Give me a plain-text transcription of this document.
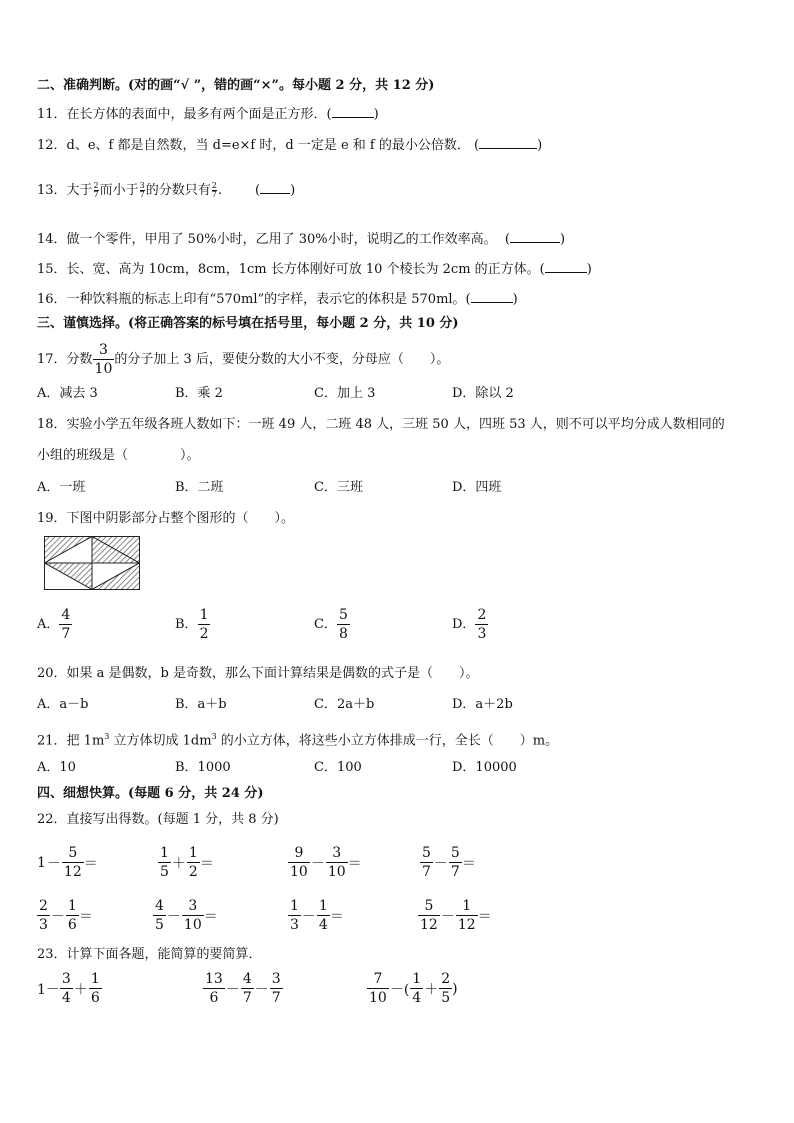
二、准确判断。(对的画“√ ”，错的画“×”。每小题 2 分，共 12 分)
11．在长方体的表面中，最多有两个面是正方形．(	)
12．d、e、f 都是自然数，当 d=e×f 时，d 一定是 e 和 f 的最小公倍数． (	)
13．大于 $\frac{2}{7}$ 而小于 $\frac{3}{7}$ 的分数只有 $\frac{2}{7}$ .        ( )
14．做一个零件，甲用了 50%小时，乙用了 30%小时，说明乙的工作效率高。  (	)
15．长、宽、高为 10cm，8cm，1cm 长方体刚好可放 10 个棱长为 2cm 的正方体。(	)
16．一种饮料瓶的标志上印有“570ml”的字样，表示它的体积是 570ml。(	)
三、谨慎选择。(将正确答案的标号填在括号里，每小题 2 分，共 10 分)
17．分数 $\frac{3}{10}$ 的分子加上 3 后，要使分数的大小不变，分母应（　　）。
A．减去 3	B．乘 2	C．加上 3	D．除以 2
18．实验小学五年级各班人数如下：一班 49 人，二班 48 人，三班 50 人，四班 53 人，则不可以平均分成人数相同的
小组的班级是（　　　　）。
A．一班	B．二班	C．三班	D．四班
19．下图中阴影部分占整个图形的（　　）。
A． $\frac{4}{7}$	B． $\frac{1}{2}$	C． $\frac{5}{8}$	D． $\frac{2}{3}$
20．如果 a 是偶数，b 是奇数，那么下面计算结果是偶数的式子是（　　）。
A．a－b	B．a＋b	C．2a＋b	D．a＋2b
21．把 $1m^3$ 立方体切成 $1dm^3$ 的小立方体，将这些小立方体排成一行，全长（　　）m。
A．10	B．1000	C．100	D．10000
四、细想快算。(每题 6 分，共 24 分)
22．直接写出得数。(每题 1 分，共 8 分)
$1 - \frac{5}{12}$ ＝	$\frac{1}{5} + \frac{1}{2}$ ＝	$\frac{9}{10} - \frac{3}{10}$ ＝	$\frac{5}{7} - \frac{5}{7}$ ＝
$\frac{2}{3} - \frac{1}{6}$ ＝	$\frac{4}{5} - \frac{3}{10}$ ＝	$\frac{1}{3} - \frac{1}{4}$ ＝	$\frac{5}{12} - \frac{1}{12}$ ＝
23．计算下面各题，能简算的要简算．
$1- \frac{3}{4} + \frac{1}{6}$	$\frac{13}{6} - \frac{4}{7} - \frac{3}{7}$	$\frac{7}{10}$ －( $\frac{1}{4} + \frac{2}{5}$ )
